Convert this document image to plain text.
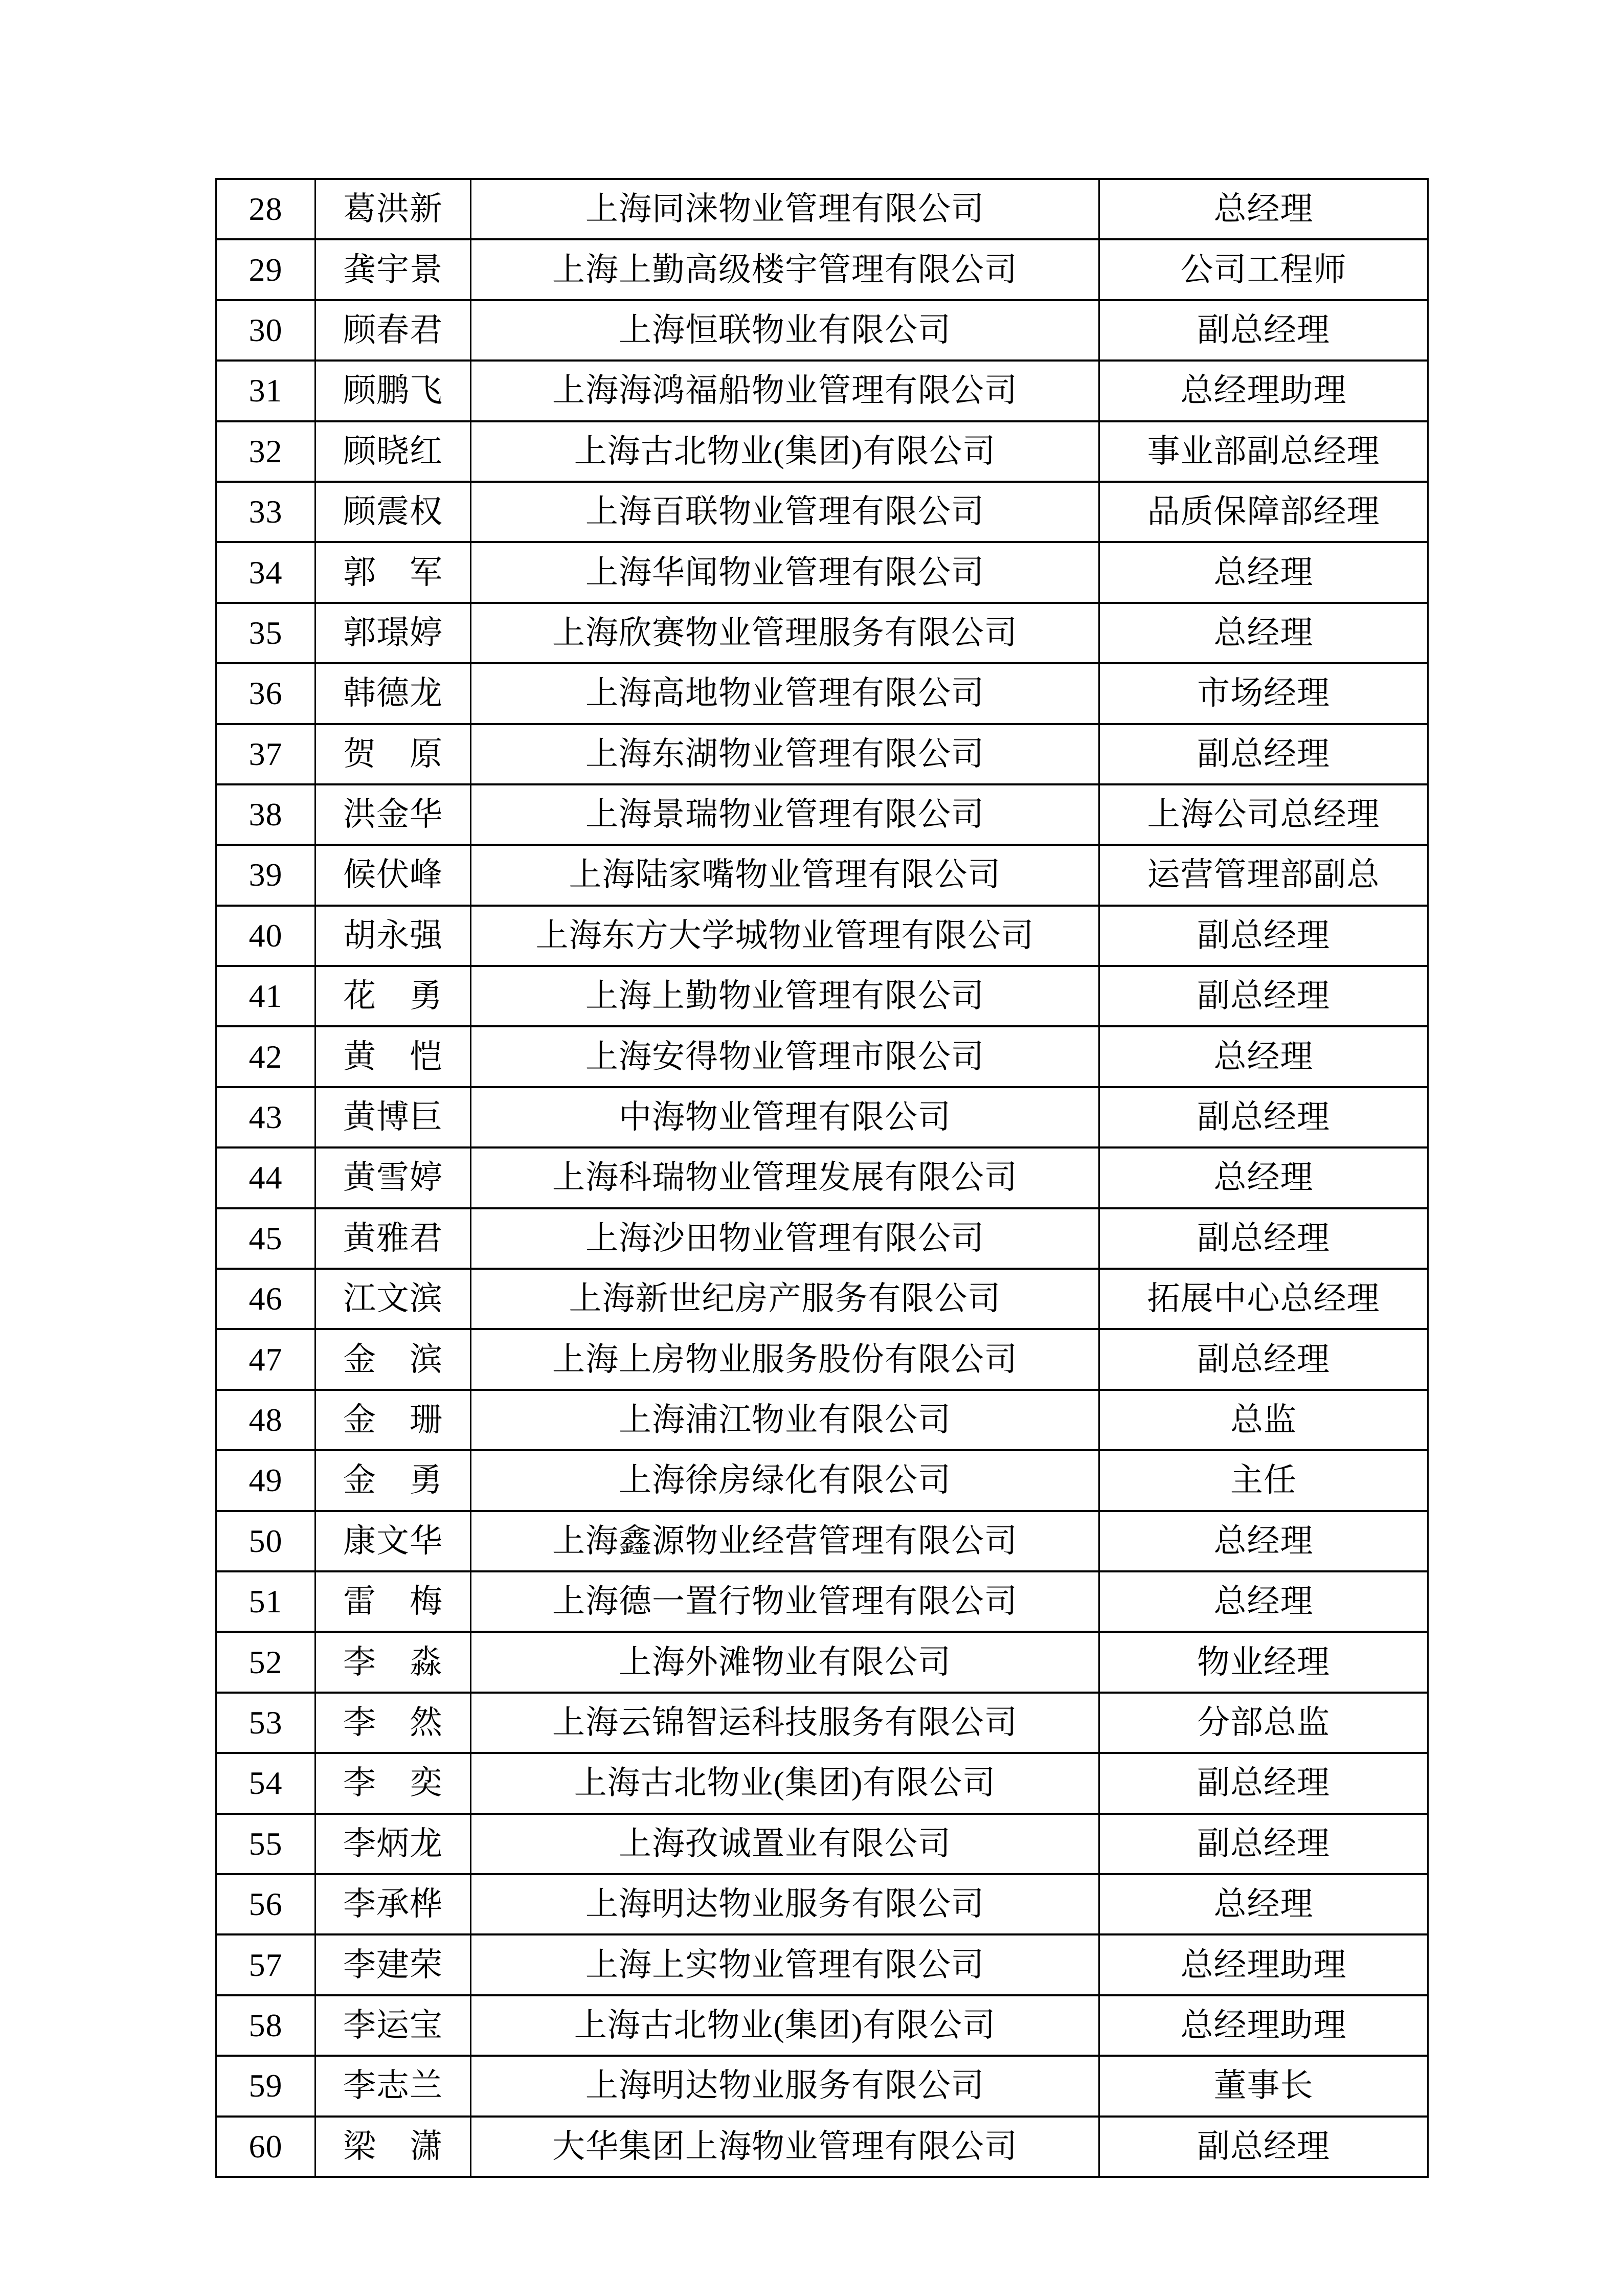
28	葛洪新	上海同涞物业管理有限公司	总经理
29	龚宇景	上海上勤高级楼宇管理有限公司	公司工程师
30	顾春君	上海恒联物业有限公司	副总经理
31	顾鹏飞	上海海鸿福船物业管理有限公司	总经理助理
32	顾晓红	上海古北物业(集团)有限公司	事业部副总经理
33	顾震权	上海百联物业管理有限公司	品质保障部经理
34	郭　军	上海华闻物业管理有限公司	总经理
35	郭璟婷	上海欣赛物业管理服务有限公司	总经理
36	韩德龙	上海高地物业管理有限公司	市场经理
37	贺　原	上海东湖物业管理有限公司	副总经理
38	洪金华	上海景瑞物业管理有限公司	上海公司总经理
39	候伏峰	上海陆家嘴物业管理有限公司	运营管理部副总
40	胡永强	上海东方大学城物业管理有限公司	副总经理
41	花　勇	上海上勤物业管理有限公司	副总经理
42	黄　恺	上海安得物业管理市限公司	总经理
43	黄博巨	中海物业管理有限公司	副总经理
44	黄雪婷	上海科瑞物业管理发展有限公司	总经理
45	黄雅君	上海沙田物业管理有限公司	副总经理
46	江文滨	上海新世纪房产服务有限公司	拓展中心总经理
47	金　滨	上海上房物业服务股份有限公司	副总经理
48	金　珊	上海浦江物业有限公司	总监
49	金　勇	上海徐房绿化有限公司	主任
50	康文华	上海鑫源物业经营管理有限公司	总经理
51	雷　梅	上海德一置行物业管理有限公司	总经理
52	李　淼	上海外滩物业有限公司	物业经理
53	李　然	上海云锦智运科技服务有限公司	分部总监
54	李　奕	上海古北物业(集团)有限公司	副总经理
55	李炳龙	上海孜诚置业有限公司	副总经理
56	李承桦	上海明达物业服务有限公司	总经理
57	李建荣	上海上实物业管理有限公司	总经理助理
58	李运宝	上海古北物业(集团)有限公司	总经理助理
59	李志兰	上海明达物业服务有限公司	董事长
60	梁　潇	大华集团上海物业管理有限公司	副总经理
